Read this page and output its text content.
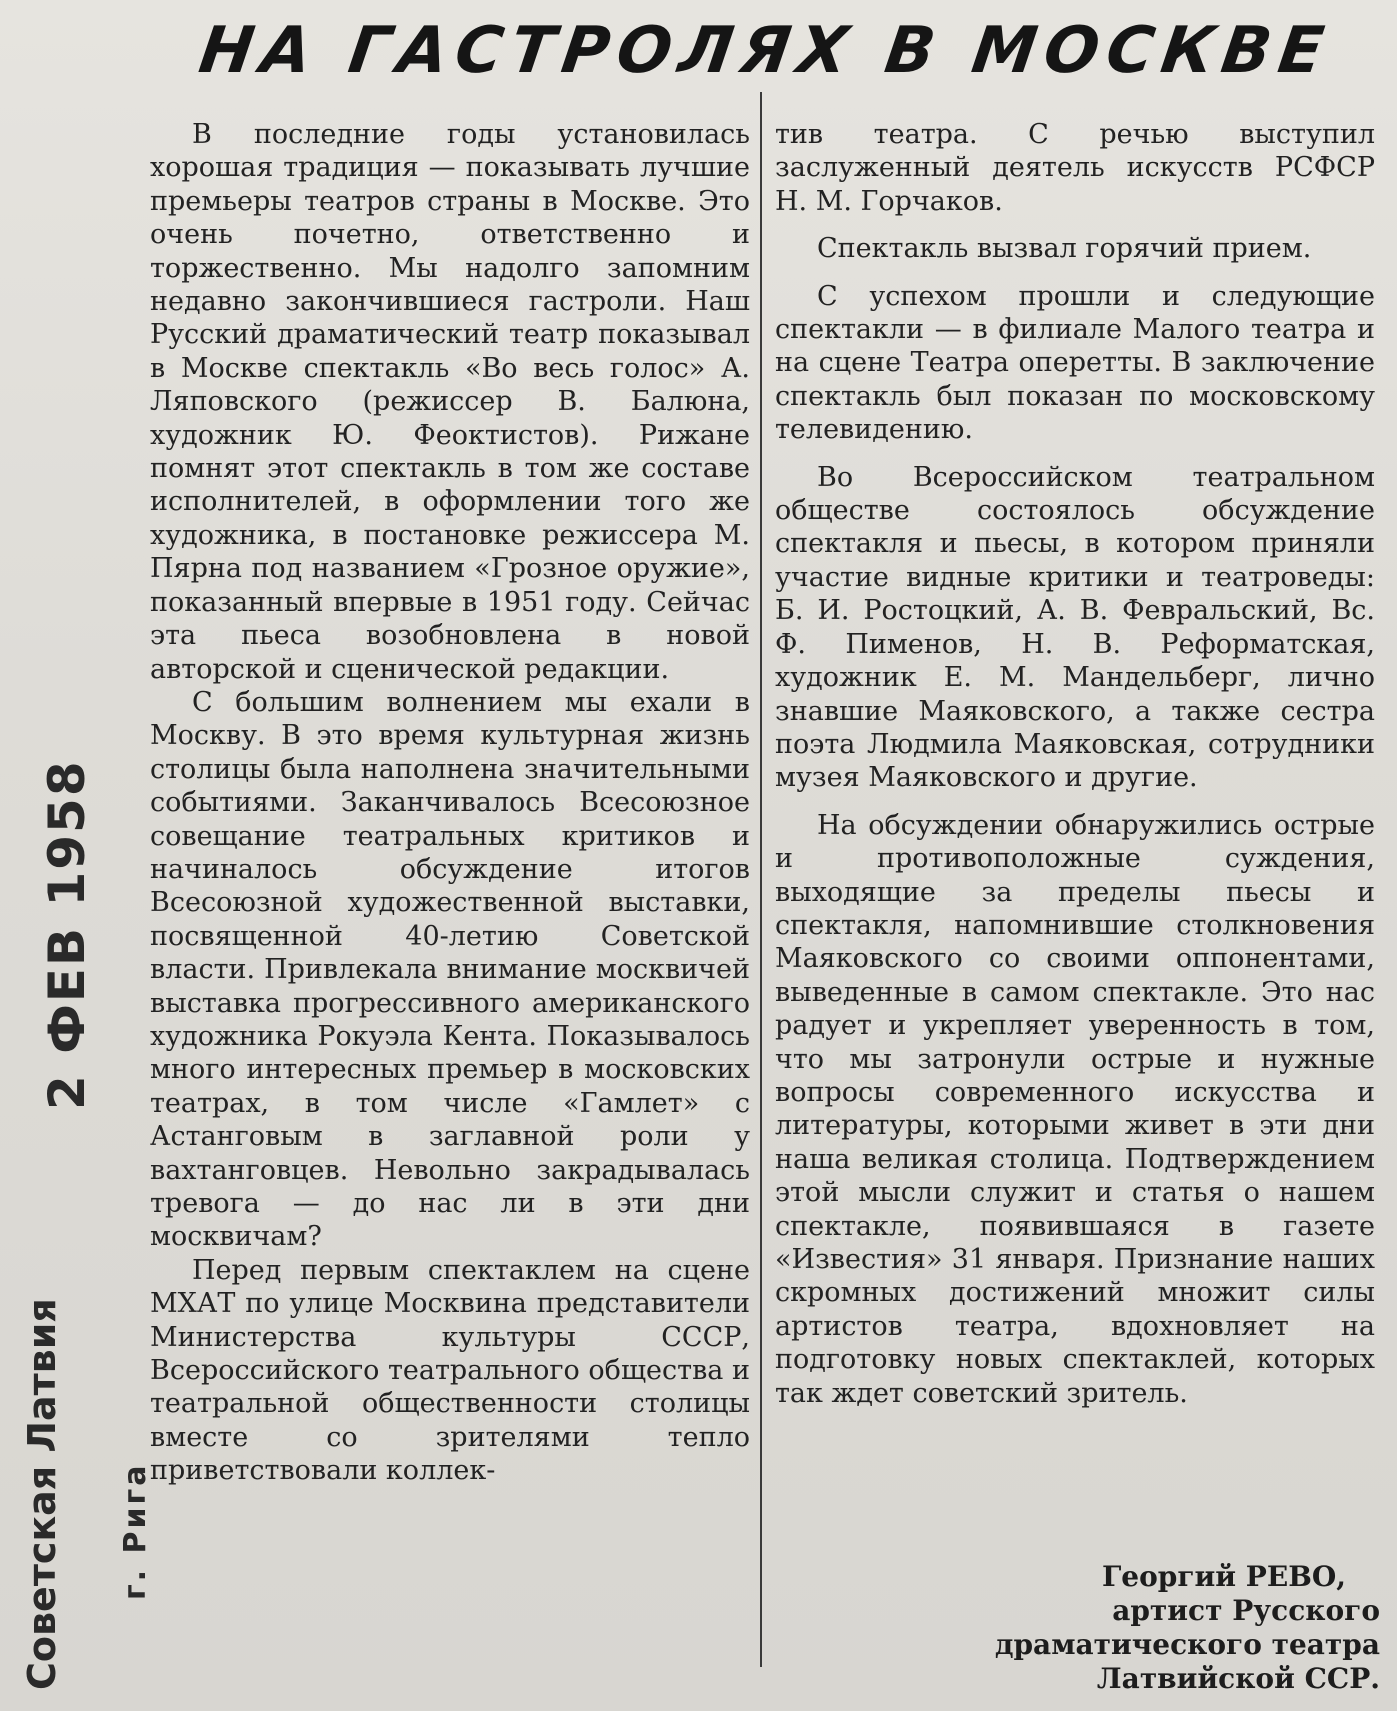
НА ГАСТРОЛЯХ В МОСКВЕ

В последние годы установилась хорошая традиция — показывать лучшие премьеры театров страны в Москве. Это очень почетно, ответственно и торжественно. Мы надолго запомним недавно закончившиеся гастроли. Наш Русский драматический театр показывал в Москве спектакль «Во весь голос» А. Ляповского (режиссер В. Балюна, художник Ю. Феоктистов). Рижане помнят этот спектакль в том же составе исполнителей, в оформлении того же художника, в постановке режиссера М. Пярна под названием «Грозное оружие», показанный впервые в 1951 году. Сейчас эта пьеса возобновлена в новой авторской и сценической редакции.

С большим волнением мы ехали в Москву. В это время культурная жизнь столицы была наполнена значительными событиями. Заканчивалось Всесоюзное совещание театральных критиков и начиналось обсуждение итогов Всесоюзной художественной выставки, посвященной 40-летию Советской власти. Привлекала внимание москвичей выставка прогрессивного американского художника Рокуэла Кента. Показывалось много интересных премьер в московских театрах, в том числе «Гамлет» с Астанговым в заглавной роли у вахтанговцев. Невольно закрадывалась тревога — до нас ли в эти дни москвичам?

Перед первым спектаклем на сцене МХАТ по улице Москвина представители Министерства культуры СССР, Всероссийского театрального общества и театральной общественности столицы вместе со зрителями тепло приветствовали коллек-

тив театра. С речью выступил заслуженный деятель искусств РСФСР Н. М. Горчаков.

Спектакль вызвал горячий прием.

С успехом прошли и следующие спектакли — в филиале Малого театра и на сцене Театра оперетты. В заключение спектакль был показан по московскому телевидению.

Во Всероссийском театральном обществе состоялось обсуждение спектакля и пьесы, в котором приняли участие видные критики и театроведы: Б. И. Ростоцкий, А. В. Февральский, Вс. Ф. Пименов, Н. В. Реформатская, художник Е. М. Мандельберг, лично знавшие Маяковского, а также сестра поэта Людмила Маяковская, сотрудники музея Маяковского и другие.

На обсуждении обнаружились острые и противоположные суждения, выходящие за пределы пьесы и спектакля, напомнившие столкновения Маяковского со своими оппонентами, выведенные в самом спектакле. Это нас радует и укрепляет уверенность в том, что мы затронули острые и нужные вопросы современного искусства и литературы, которыми живет в эти дни наша великая столица. Подтверждением этой мысли служит и статья о нашем спектакле, появившаяся в газете «Известия» 31 января. Признание наших скромных достижений множит силы артистов театра, вдохновляет на подготовку новых спектаклей, которых так ждет советский зритель.

Георгий РЕВО,
артист Русского драматического театра Латвийской ССР.
Советская Латвия г. Рига
2 ФЕВ 1958
